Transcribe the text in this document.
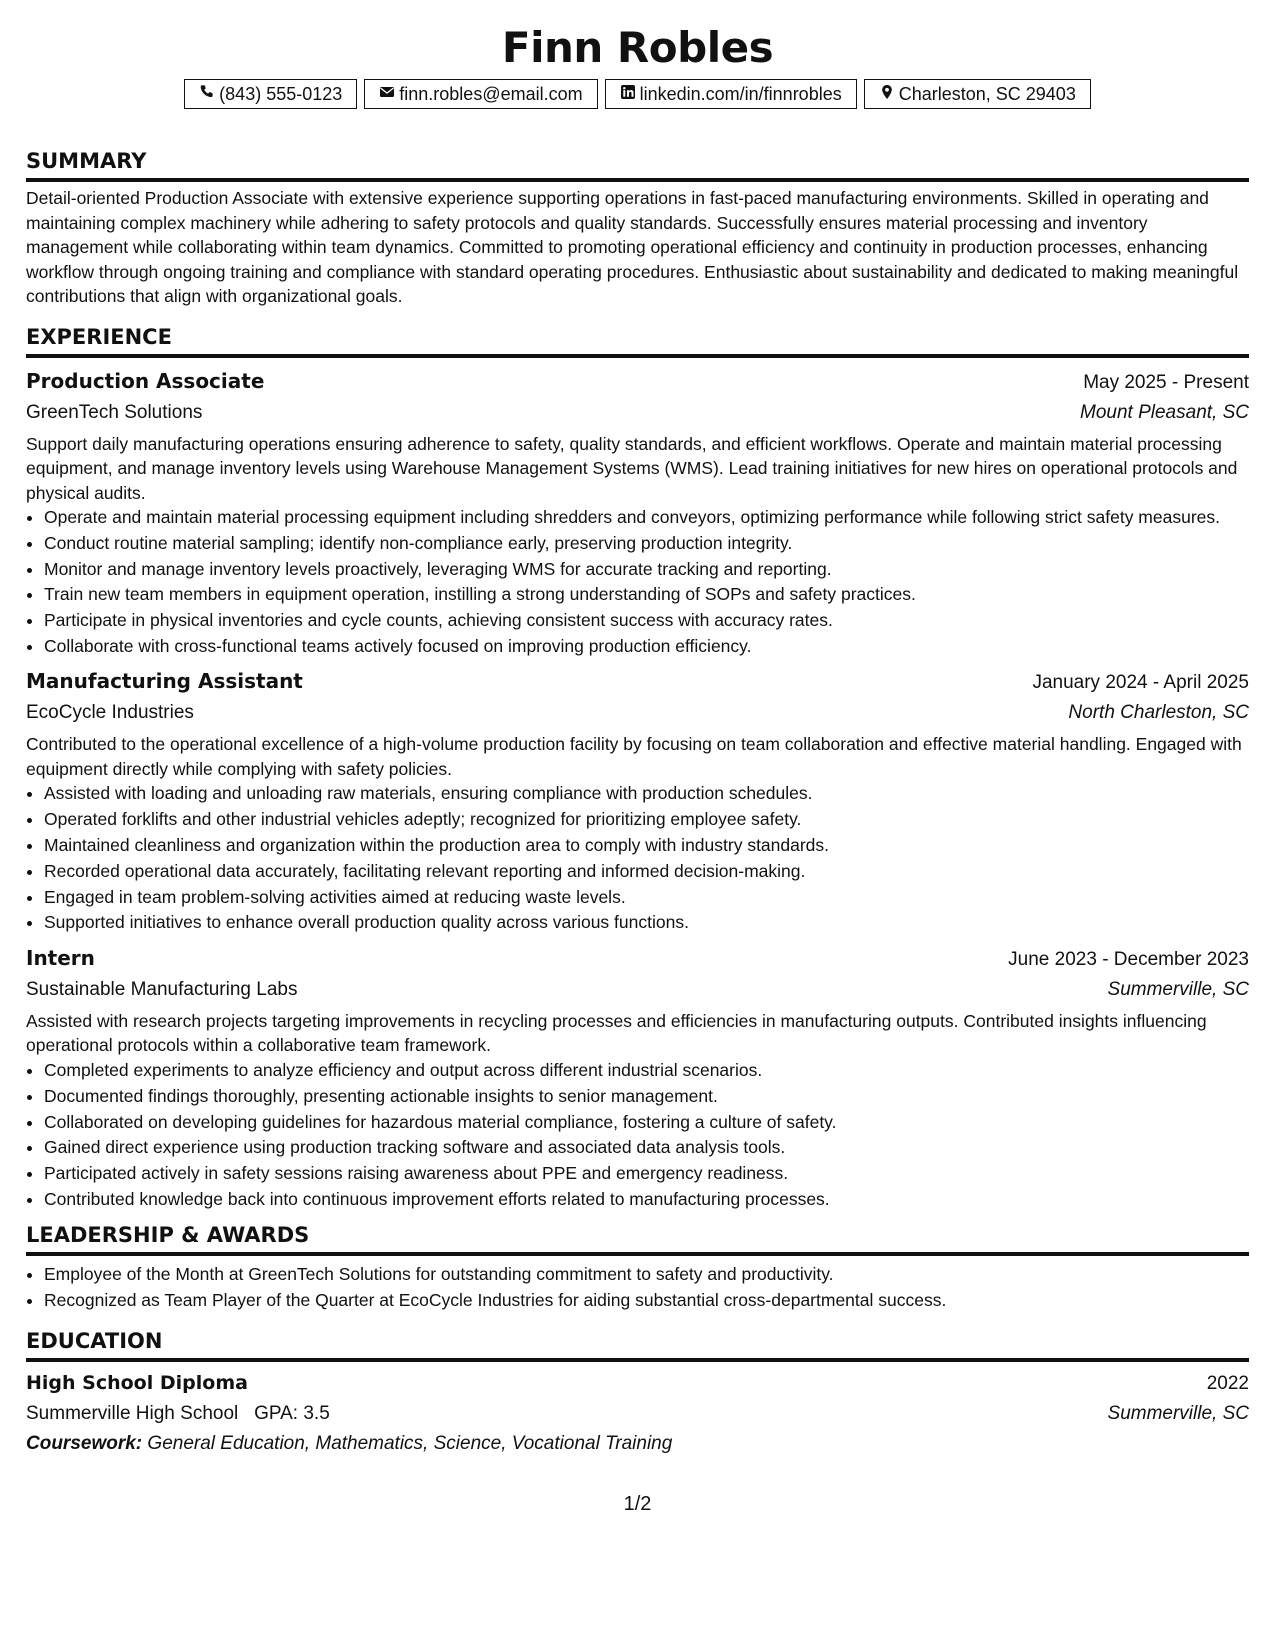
Finn Robles
(843) 555-0123	finn.robles@email.com	linkedin.com/in/finnrobles	Charleston, SC 29403
SUMMARY

Detail-oriented Production Associate with extensive experience supporting operations in fast-paced manufacturing environments. Skilled in operating and maintaining complex machinery while adhering to safety protocols and quality standards. Successfully ensures material processing and inventory management while collaborating within team dynamics. Committed to promoting operational efficiency and continuity in production processes, enhancing workflow through ongoing training and compliance with standard operating procedures. Enthusiastic about sustainability and dedicated to making meaningful contributions that align with organizational goals.

EXPERIENCE
Production Associate	May 2025 - Present
GreenTech Solutions	Mount Pleasant, SC

Support daily manufacturing operations ensuring adherence to safety, quality standards, and efficient workflows. Operate and maintain material processing equipment, and manage inventory levels using Warehouse Management Systems (WMS). Lead training initiatives for new hires on operational protocols and physical audits.

• Operate and maintain material processing equipment including shredders and conveyors, optimizing performance while following strict safety measures.
• Conduct routine material sampling; identify non-compliance early, preserving production integrity.
• Monitor and manage inventory levels proactively, leveraging WMS for accurate tracking and reporting.
• Train new team members in equipment operation, instilling a strong understanding of SOPs and safety practices.
• Participate in physical inventories and cycle counts, achieving consistent success with accuracy rates.
• Collaborate with cross-functional teams actively focused on improving production efficiency.
Manufacturing Assistant	January 2024 - April 2025
EcoCycle Industries	North Charleston, SC

Contributed to the operational excellence of a high-volume production facility by focusing on team collaboration and effective material handling. Engaged with equipment directly while complying with safety policies.

• Assisted with loading and unloading raw materials, ensuring compliance with production schedules.
• Operated forklifts and other industrial vehicles adeptly; recognized for prioritizing employee safety.
• Maintained cleanliness and organization within the production area to comply with industry standards.
• Recorded operational data accurately, facilitating relevant reporting and informed decision-making.
• Engaged in team problem-solving activities aimed at reducing waste levels.
• Supported initiatives to enhance overall production quality across various functions.
Intern	June 2023 - December 2023
Sustainable Manufacturing Labs	Summerville, SC

Assisted with research projects targeting improvements in recycling processes and efficiencies in manufacturing outputs. Contributed insights influencing operational protocols within a collaborative team framework.

• Completed experiments to analyze efficiency and output across different industrial scenarios.
• Documented findings thoroughly, presenting actionable insights to senior management.
• Collaborated on developing guidelines for hazardous material compliance, fostering a culture of safety.
• Gained direct experience using production tracking software and associated data analysis tools.
• Participated actively in safety sessions raising awareness about PPE and emergency readiness.
• Contributed knowledge back into continuous improvement efforts related to manufacturing processes.
LEADERSHIP & AWARDS
• Employee of the Month at GreenTech Solutions for outstanding commitment to safety and productivity.
• Recognized as Team Player of the Quarter at EcoCycle Industries for aiding substantial cross-departmental success.
EDUCATION
High School Diploma	2022
Summerville High School GPA: 3.5	Summerville, SC
Coursework: General Education, Mathematics, Science, Vocational Training
1/2
